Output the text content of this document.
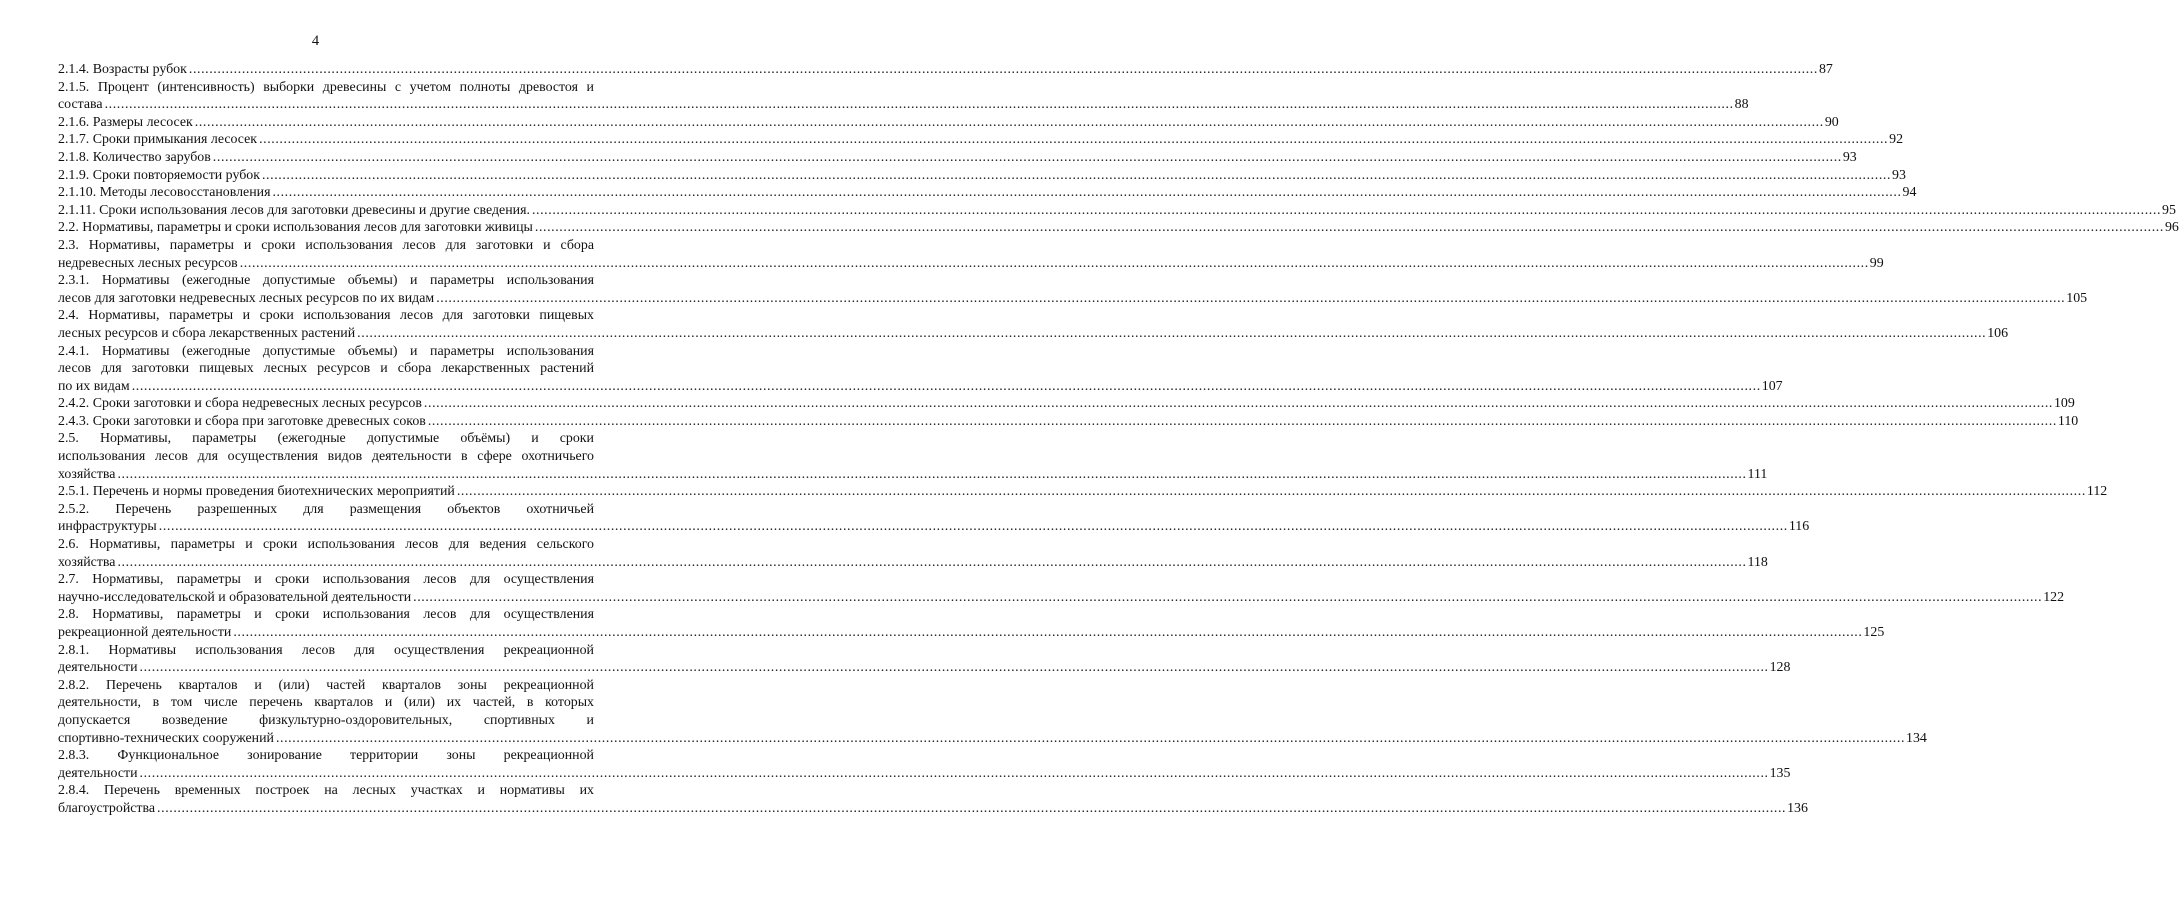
4
2.1.4. Возрасты рубок ................................................................................................................................................................................................................................................................................................................................................................................................................ 87
2.1.5. Процент (интенсивность) выборки древесины с учетом полноты древостоя и
состава ................................................................................................................................................................................................................................................................................................................................................................................................................ 88
2.1.6. Размеры лесосек ................................................................................................................................................................................................................................................................................................................................................................................................................ 90
2.1.7. Сроки примыкания лесосек ................................................................................................................................................................................................................................................................................................................................................................................................................ 92
2.1.8. Количество зарубов ................................................................................................................................................................................................................................................................................................................................................................................................................ 93
2.1.9. Сроки повторяемости рубок ................................................................................................................................................................................................................................................................................................................................................................................................................ 93
2.1.10. Методы лесовосстановления ................................................................................................................................................................................................................................................................................................................................................................................................................ 94
2.1.11. Сроки использования лесов для заготовки древесины и другие сведения. ................................................................................................................................................................................................................................................................................................................................................................................................................ 95
2.2. Нормативы, параметры и сроки использования лесов для заготовки живицы ................................................................................................................................................................................................................................................................................................................................................................................................................ 96
2.3. Нормативы, параметры и сроки использования лесов для заготовки и сбора
недревесных лесных ресурсов ................................................................................................................................................................................................................................................................................................................................................................................................................ 99
2.3.1. Нормативы (ежегодные допустимые объемы) и параметры использования
лесов для заготовки недревесных лесных ресурсов по их видам ................................................................................................................................................................................................................................................................................................................................................................................................................ 105
2.4. Нормативы, параметры и сроки использования лесов для заготовки пищевых
лесных ресурсов и сбора лекарственных растений ................................................................................................................................................................................................................................................................................................................................................................................................................ 106
2.4.1. Нормативы (ежегодные допустимые объемы) и параметры использования
лесов для заготовки пищевых лесных ресурсов и сбора лекарственных растений
по их видам ................................................................................................................................................................................................................................................................................................................................................................................................................ 107
2.4.2. Сроки заготовки и сбора недревесных лесных ресурсов ................................................................................................................................................................................................................................................................................................................................................................................................................ 109
2.4.3. Сроки заготовки и сбора при заготовке древесных соков ................................................................................................................................................................................................................................................................................................................................................................................................................ 110
2.5. Нормативы, параметры (ежегодные допустимые объёмы) и сроки
использования лесов для осуществления видов деятельности в сфере охотничьего
хозяйства ................................................................................................................................................................................................................................................................................................................................................................................................................ 111
2.5.1. Перечень и нормы проведения биотехнических мероприятий ................................................................................................................................................................................................................................................................................................................................................................................................................ 112
2.5.2. Перечень разрешенных для размещения объектов охотничьей
инфраструктуры ................................................................................................................................................................................................................................................................................................................................................................................................................ 116
2.6. Нормативы, параметры и сроки использования лесов для ведения сельского
хозяйства ................................................................................................................................................................................................................................................................................................................................................................................................................ 118
2.7. Нормативы, параметры и сроки использования лесов для осуществления
научно-исследовательской и образовательной деятельности ................................................................................................................................................................................................................................................................................................................................................................................................................ 122
2.8. Нормативы, параметры и сроки использования лесов для осуществления
рекреационной деятельности ................................................................................................................................................................................................................................................................................................................................................................................................................ 125
2.8.1. Нормативы использования лесов для осуществления рекреационной
деятельности ................................................................................................................................................................................................................................................................................................................................................................................................................ 128
2.8.2. Перечень кварталов и (или) частей кварталов зоны рекреационной
деятельности, в том числе перечень кварталов и (или) их частей, в которых
допускается возведение физкультурно-оздоровительных, спортивных и
спортивно-технических сооружений ................................................................................................................................................................................................................................................................................................................................................................................................................ 134
2.8.3. Функциональное зонирование территории зоны рекреационной
деятельности ................................................................................................................................................................................................................................................................................................................................................................................................................ 135
2.8.4. Перечень временных построек на лесных участках и нормативы их
благоустройства ................................................................................................................................................................................................................................................................................................................................................................................................................ 136
